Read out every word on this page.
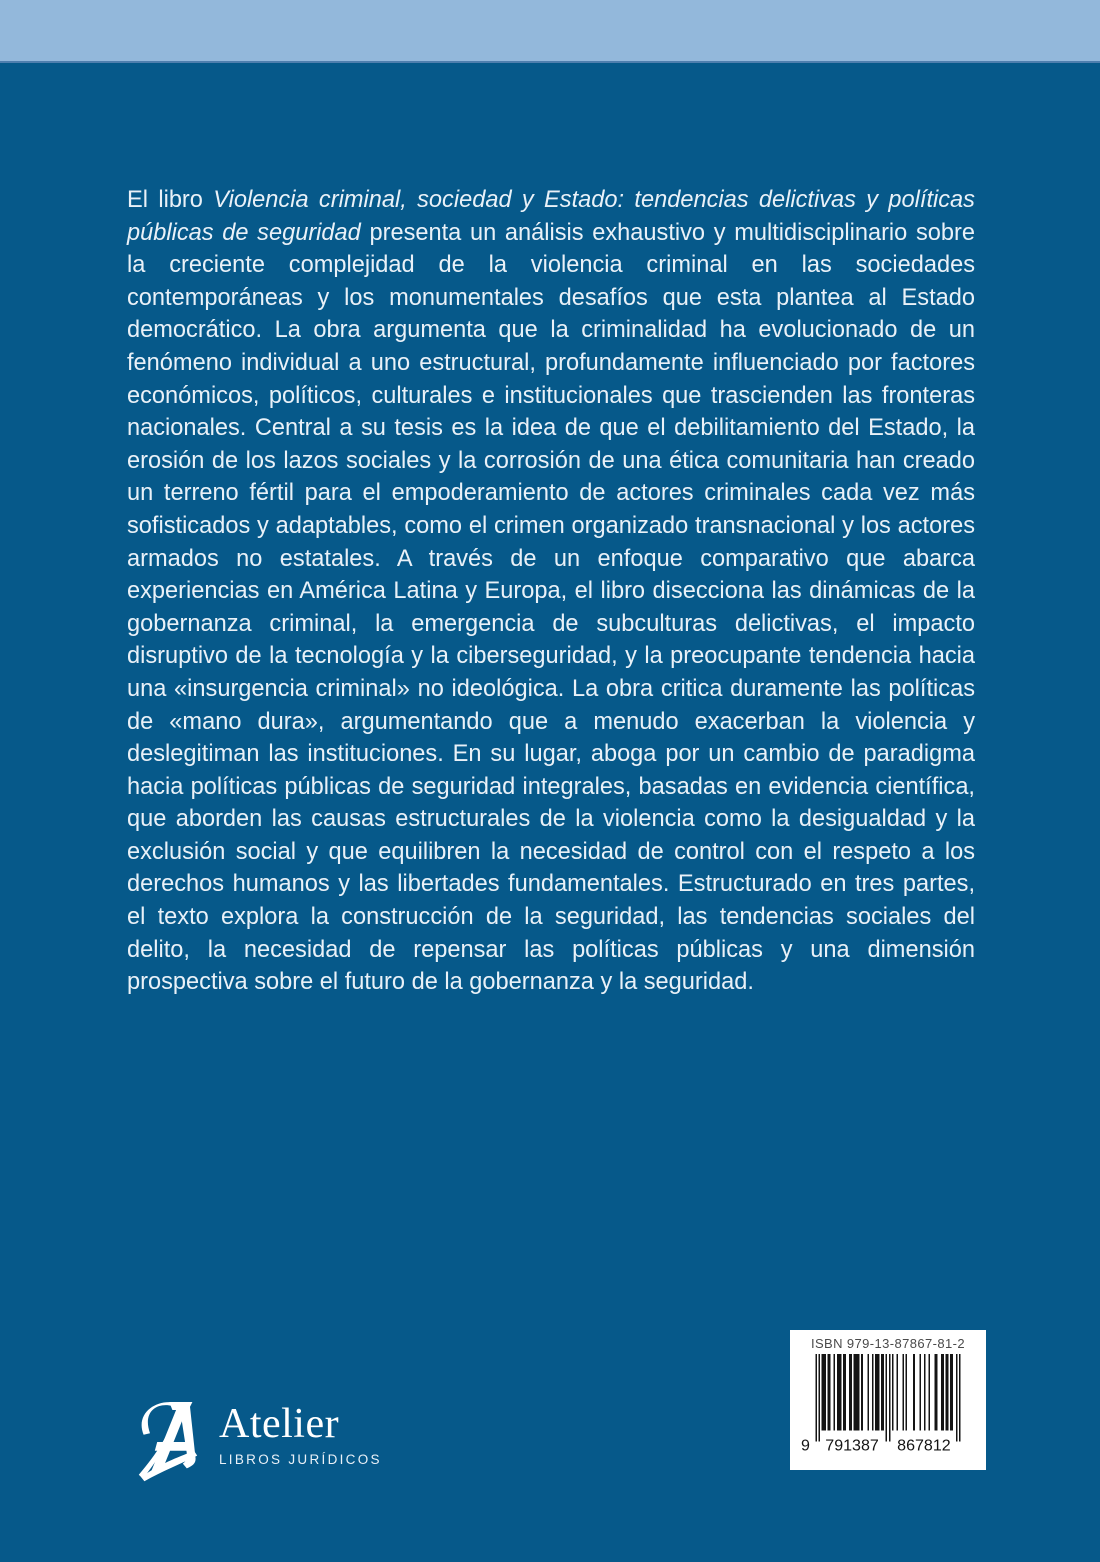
El libro Violencia criminal, sociedad y Estado: tendencias delictivas y políticas públicas de seguridad presenta un análisis exhaustivo y multidisciplinario sobre la creciente complejidad de la violencia criminal en las sociedades contemporáneas y los monumentales desafíos que esta plantea al Estado democrático. La obra argumenta que la criminalidad ha evolucionado de un fenómeno individual a uno estructural, profundamente influenciado por factores económicos, políticos, culturales e institucionales que trascienden las fronteras nacionales. Central a su tesis es la idea de que el debilitamiento del Estado, la erosión de los lazos sociales y la corrosión de una ética comunitaria han creado un terreno fértil para el empoderamiento de actores criminales cada vez más sofisticados y adaptables, como el crimen organizado transnacional y los actores armados no estatales. A través de un enfoque comparativo que abarca experiencias en América Latina y Europa, el libro disecciona las dinámicas de la gobernanza criminal, la emergencia de subculturas delictivas, el impacto disruptivo de la tecnología y la ciberseguridad, y la preocupante tendencia hacia una «insurgencia criminal» no ideológica. La obra critica duramente las políticas de «mano dura», argumentando que a menudo exacerban la violencia y deslegitiman las instituciones. En su lugar, aboga por un cambio de paradigma hacia políticas públicas de seguridad integrales, basadas en evidencia científica, que aborden las causas estructurales de la violencia como la desigualdad y la exclusión social y que equilibren la necesidad de control con el respeto a los derechos humanos y las libertades fundamentales. Estructurado en tres partes, el texto explora la construcción de la seguridad, las tendencias sociales del delito, la necesidad de repensar las políticas públicas y una dimensión prospectiva sobre el futuro de la gobernanza y la seguridad.

Atelier
LIBROS JURÍDICOS
ISBN 979-13-87867-81-2
9 791387 867812
